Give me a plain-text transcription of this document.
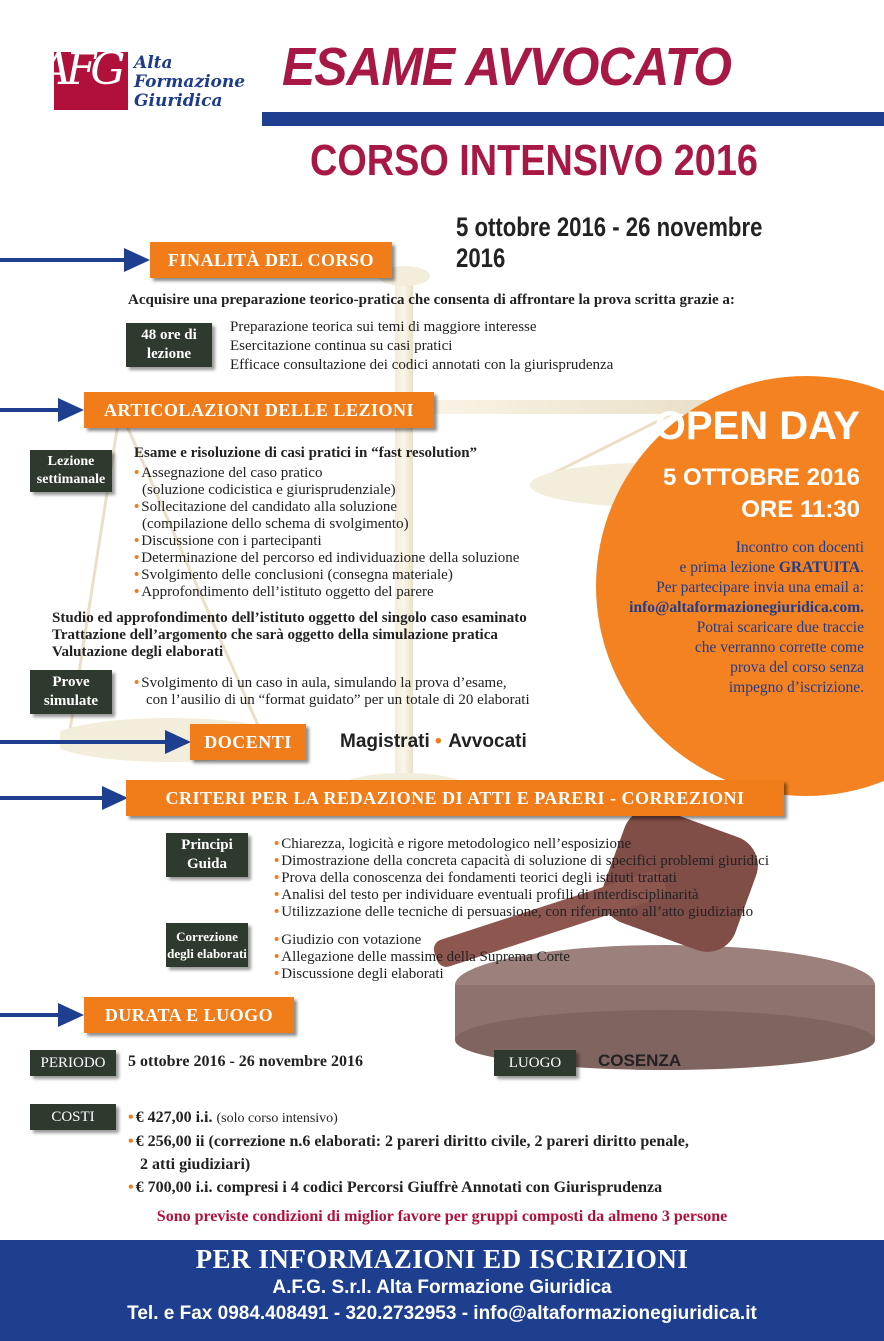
OPEN DAY
5 OTTOBRE 2016
ORE 11:30
Incontro con docenti
e prima lezione GRATUITA.
Per partecipare invia una email a:
info@altaformazionegiuridica.com.
Potrai scaricare due traccie
che verranno corrette come
prova del corso senza
impegno d’iscrizione.
AFG Alta
Formazione
Giuridica
ESAME AVVOCATO
CORSO INTENSIVO 2016
5 ottobre 2016 - 26 novembre 2016
FINALITÀ DEL CORSO
Acquisire una preparazione teorico-pratica che consenta di affrontare la prova scritta grazie a:
48 ore di lezione
Preparazione teorica sui temi di maggiore interesse
Esercitazione continua su casi pratici
Efficace consultazione dei codici annotati con la giurisprudenza
ARTICOLAZIONI DELLE LEZIONI
Lezione settimanale
Esame e risoluzione di casi pratici in “fast resolution”
• Assegnazione del caso pratico
(soluzione codicistica e giurisprudenziale)
• Sollecitazione del candidato alla soluzione
(compilazione dello schema di svolgimento)
• Discussione con i partecipanti
• Determinazione del percorso ed individuazione della soluzione
• Svolgimento delle conclusioni (consegna materiale)
• Approfondimento dell’istituto oggetto del parere
Studio ed approfondimento dell’istituto oggetto del singolo caso esaminato
Trattazione dell’argomento che sarà oggetto della simulazione pratica
Valutazione degli elaborati
Prove simulate
• Svolgimento di un caso in aula, simulando la prova d’esame,
con l’ausilio di un “format guidato” per un totale di 20 elaborati
DOCENTI	Magistrati • Avvocati
CRITERI PER LA REDAZIONE DI ATTI E PARERI - CORREZIONI
Principi Guida
• Chiarezza, logicità e rigore metodologico nell’esposizione
• Dimostrazione della concreta capacità di soluzione di specifici problemi giuridici
• Prova della conoscenza dei fondamenti teorici degli istituti trattati
• Analisi del testo per individuare eventuali profili di interdisciplinarità
• Utilizzazione delle tecniche di persuasione, con riferimento all’atto giudiziario
Correzione degli elaborati
• Giudizio con votazione
• Allegazione delle massime della Suprema Corte
• Discussione degli elaborati
DURATA E LUOGO
PERIODO	5 ottobre 2016 - 26 novembre 2016	LUOGO	COSENZA
COSTI	• € 427,00 i.i. (solo corso intensivo)
• € 256,00 ii (correzione n.6 elaborati: 2 pareri diritto civile, 2 pareri diritto penale,
2 atti giudiziari)
• € 700,00 i.i. compresi i 4 codici Percorsi Giuffrè Annotati con Giurisprudenza
Sono previste condizioni di miglior favore per gruppi composti da almeno 3 persone
PER INFORMAZIONI ED ISCRIZIONI
A.F.G. S.r.l. Alta Formazione Giuridica
Tel. e Fax 0984.408491 - 320.2732953 - info@altaformazionegiuridica.it
